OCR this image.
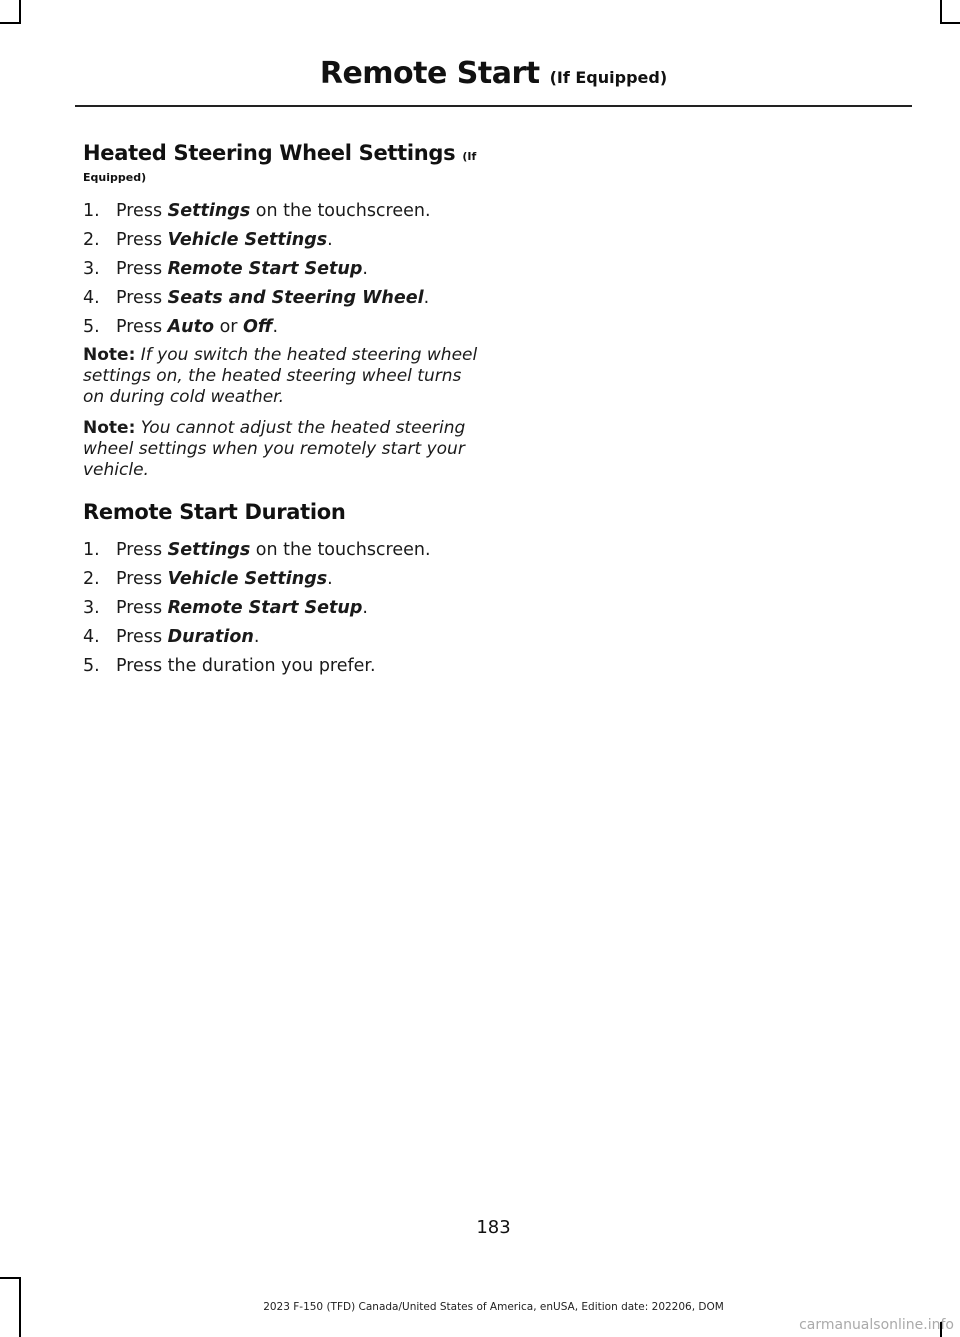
Remote Start (If Equipped)
Heated Steering Wheel Settings (If
Equipped)
1. Press Settings on the touchscreen.
2. Press Vehicle Settings.
3. Press Remote Start Setup.
4. Press Seats and Steering Wheel.
5. Press Auto or Off.

Note: If you switch the heated steering wheel settings on, the heated steering wheel turns on during cold weather.

Note: You cannot adjust the heated steering wheel settings when you remotely start your vehicle.

Remote Start Duration
1. Press Settings on the touchscreen.
2. Press Vehicle Settings.
3. Press Remote Start Setup.
4. Press Duration.
5. Press the duration you prefer.
183
2023 F-150 (TFD) Canada/United States of America, enUSA, Edition date: 202206, DOM
carmanualsonline.info
